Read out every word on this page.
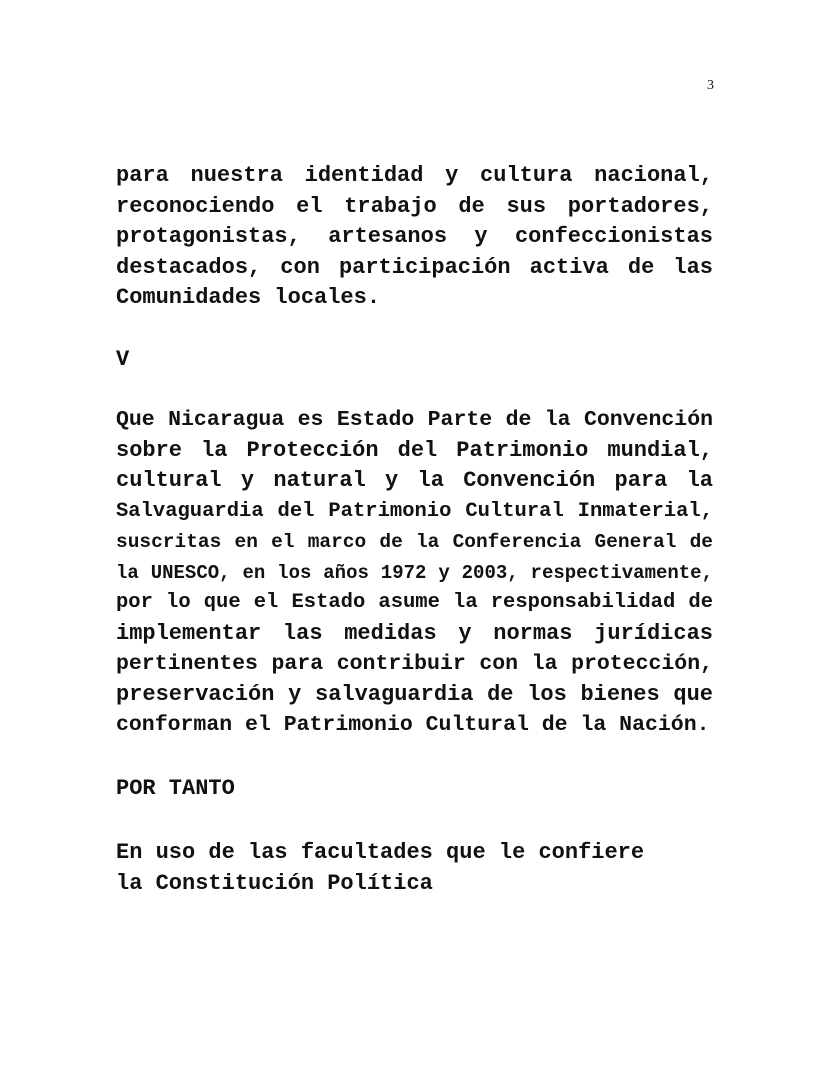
3
para nuestra identidad y cultura nacional,
reconociendo el trabajo de sus portadores,
protagonistas, artesanos y confeccionistas
destacados, con participación activa de las
Comunidades locales.
V
Que Nicaragua es Estado Parte de la Convención
sobre la Protección del Patrimonio mundial,
cultural y natural y la Convención para la
Salvaguardia del Patrimonio Cultural Inmaterial,
suscritas en el marco de la Conferencia General de
la UNESCO, en los años 1972 y 2003, respectivamente,
por lo que el Estado asume la responsabilidad de
implementar las medidas y normas jurídicas
pertinentes para contribuir con la protección,
preservación y salvaguardia de los bienes que
conforman el Patrimonio Cultural de la Nación.
POR TANTO
En uso de las facultades que le confiere
la Constitución Política
